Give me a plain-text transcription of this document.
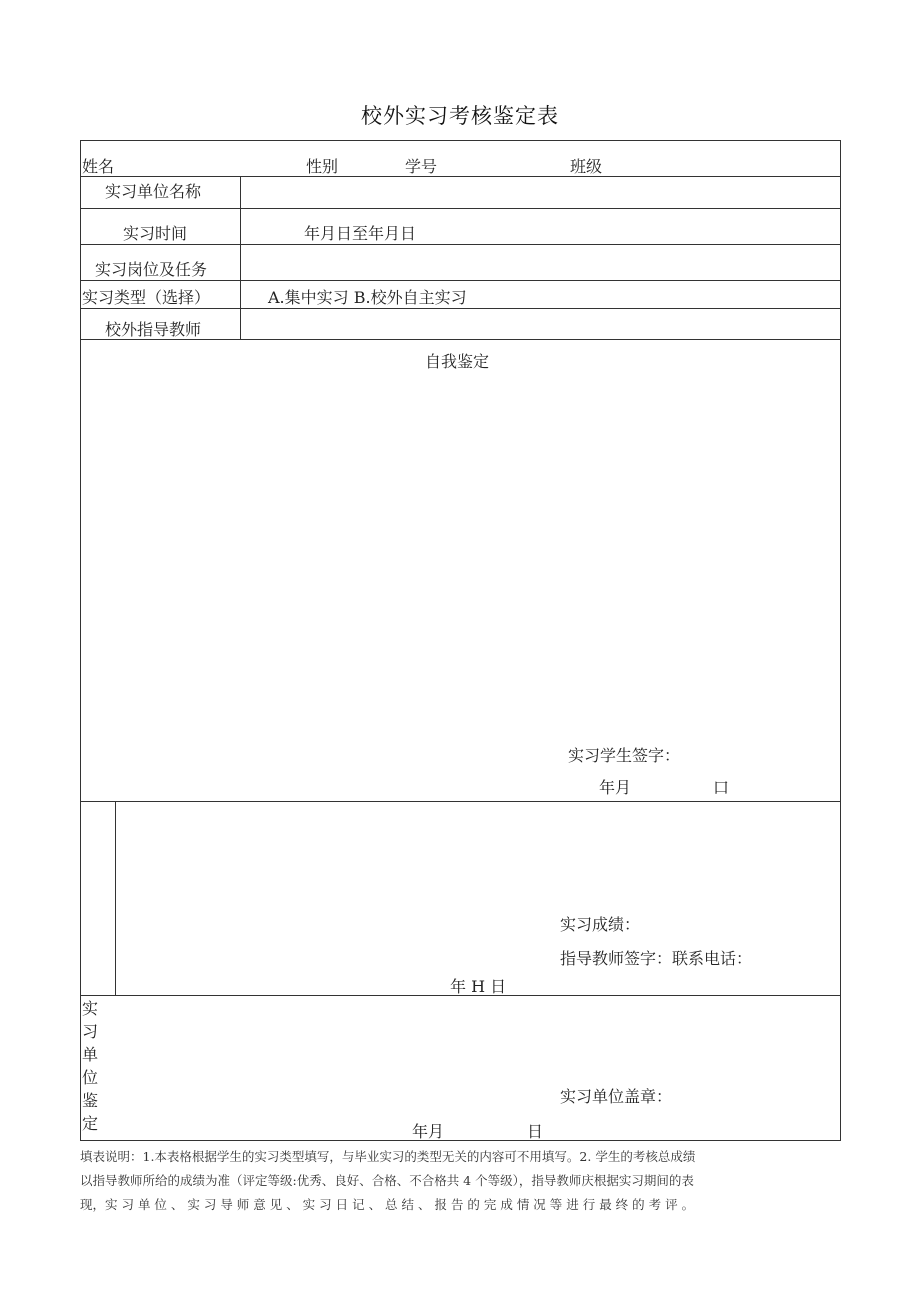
校外实习考核鉴定表
姓名	性别	学号	班级
实习单位名称
实习时间	年月日至年月日
实习岗位及任务
实习类型（选择）	A.集中实习 B.校外自主实习
校外指导教师
自我鉴定
实习学生签字：
年月	口
实习成绩：
指导教师签字：联系电话：
年 H 日
实
习
单
位
鉴
定
实习单位盖章：
年月	日
填表说明：1.本表格根据学生的实习类型填写，与毕业实习的类型无关的内容可不用填写。2. 学生的考核总成绩
以指导教师所给的成绩为准（评定等级:优秀、良好、合格、不合格共 4 个等级），指导教师庆根据实习期间的表
现，实 习 单 位 、 实 习 导 师 意 见 、 实 习 日 记 、 总 结 、 报 告 的 完 成 情 况 等 进 行 最 终 的 考 评 。
